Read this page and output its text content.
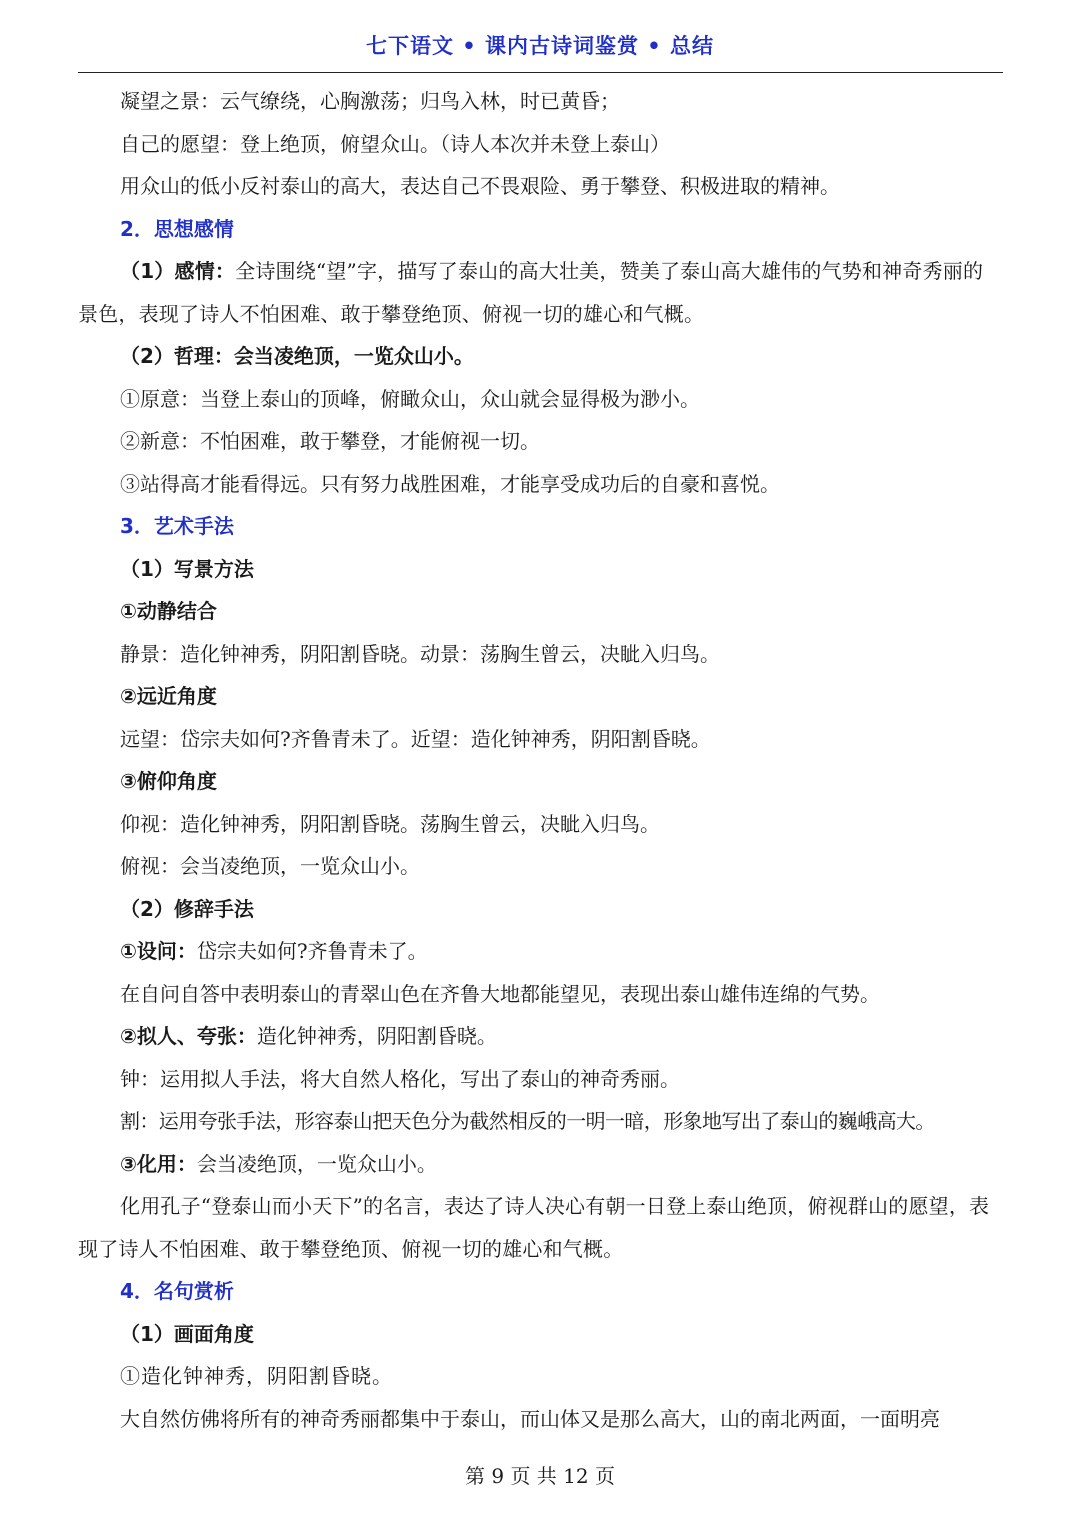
七下语文 • 课内古诗词鉴赏 • 总结
凝望之景：云气缭绕，心胸激荡；归鸟入林，时已黄昏；
自己的愿望：登上绝顶，俯望众山。（诗人本次并未登上泰山）
用众山的低小反衬泰山的高大，表达自己不畏艰险、勇于攀登、积极进取的精神。
2．思想感情
（1）感情：全诗围绕“望”字，描写了泰山的高大壮美，赞美了泰山高大雄伟的气势和神奇秀丽的景色，表现了诗人不怕困难、敢于攀登绝顶、俯视一切的雄心和气概。
（2）哲理：会当凌绝顶，一览众山小。
①原意：当登上泰山的顶峰，俯瞰众山，众山就会显得极为渺小。
②新意：不怕困难，敢于攀登，才能俯视一切。
③站得高才能看得远。只有努力战胜困难，才能享受成功后的自豪和喜悦。
3．艺术手法
（1）写景方法
①动静结合
静景：造化钟神秀，阴阳割昏晓。动景：荡胸生曾云，决眦入归鸟。
②远近角度
远望：岱宗夫如何?齐鲁青未了。近望：造化钟神秀，阴阳割昏晓。
③俯仰角度
仰视：造化钟神秀，阴阳割昏晓。荡胸生曾云，决眦入归鸟。
俯视：会当凌绝顶，一览众山小。
（2）修辞手法
①设问：岱宗夫如何?齐鲁青未了。
在自问自答中表明泰山的青翠山色在齐鲁大地都能望见，表现出泰山雄伟连绵的气势。
②拟人、夸张：造化钟神秀，阴阳割昏晓。
钟：运用拟人手法，将大自然人格化，写出了泰山的神奇秀丽。
割：运用夸张手法，形容泰山把天色分为截然相反的一明一暗，形象地写出了泰山的巍峨高大。
③化用：会当凌绝顶，一览众山小。
化用孔子“登泰山而小天下”的名言，表达了诗人决心有朝一日登上泰山绝顶，俯视群山的愿望，表现了诗人不怕困难、敢于攀登绝顶、俯视一切的雄心和气概。
4．名句赏析
（1）画面角度
①造化钟神秀，阴阳割昏晓。
大自然仿佛将所有的神奇秀丽都集中于泰山，而山体又是那么高大，山的南北两面，一面明亮
第 9 页 共 12 页
